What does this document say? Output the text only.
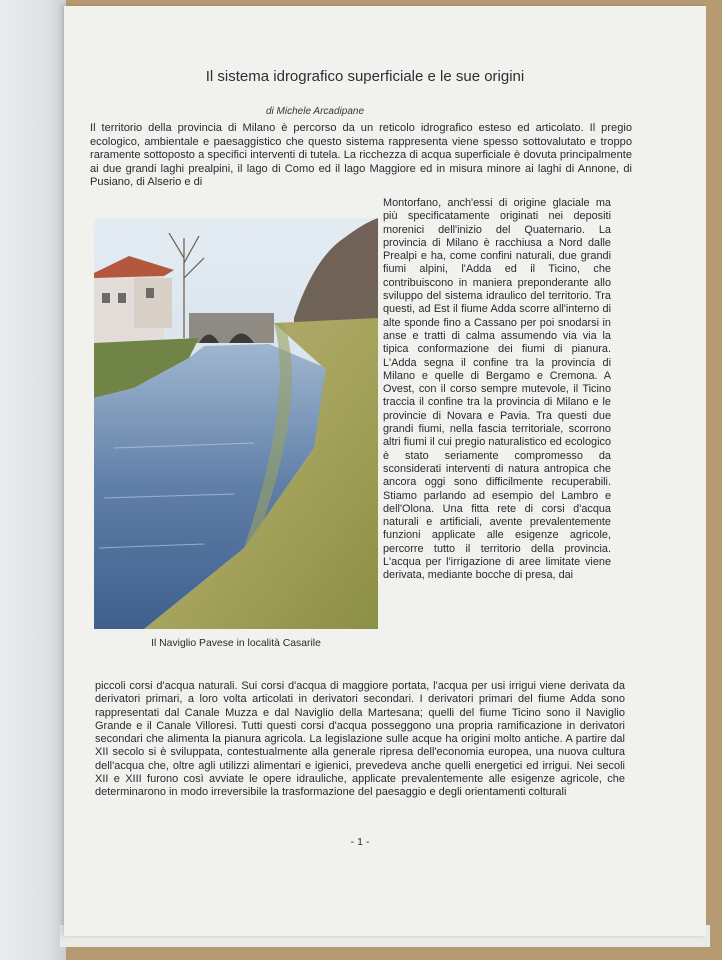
Il sistema idrografico superficiale e le sue origini
di Michele Arcadipane

Il territorio della provincia di Milano è percorso da un reticolo idrografico esteso ed articolato. Il pregio ecologico, ambientale e paesaggistico che questo sistema rappresenta viene spesso sottovalutato e troppo raramente sottoposto a specifici interventi di tutela. La ricchezza di acqua superficiale è dovuta principalmente ai due grandi laghi prealpini, il lago di Como ed il lago Maggiore ed in misura minore ai laghi di Annone, di Pusiano, di Alserio e di

Il Naviglio Pavese in località Casarile

Montorfano, anch'essi di origine glaciale ma più specificatamente originati nei depositi morenici dell'inizio del Quaternario. La provincia di Milano è racchiusa a Nord dalle Prealpi e ha, come confini naturali, due grandi fiumi alpini, l'Adda ed il Ticino, che contribuiscono in maniera preponderante allo sviluppo del sistema idraulico del territorio. Tra questi, ad Est il fiume Adda scorre all'interno di alte sponde fino a Cassano per poi snodarsi in anse e tratti di calma assumendo via via la tipica conformazione dei fiumi di pianura. L'Adda segna il confine tra la provincia di Milano e quelle di Bergamo e Cremona. A Ovest, con il corso sempre mutevole, il Ticino traccia il confine tra la provincia di Milano e le provincie di Novara e Pavia. Tra questi due grandi fiumi, nella fascia territoriale, scorrono altri fiumi il cui pregio naturalistico ed ecologico è stato seriamente compromesso da sconsiderati interventi di natura antropica che ancora oggi sono difficilmente recuperabili. Stiamo parlando ad esempio del Lambro e dell'Olona. Una fitta rete di corsi d'acqua naturali e artificiali, avente prevalentemente funzioni applicate alle esigenze agricole, percorre tutto il territorio della provincia. L'acqua per l'irrigazione di aree limitate viene derivata, mediante bocche di presa, dai

piccoli corsi d'acqua naturali. Sui corsi d'acqua di maggiore portata, l'acqua per usi irrigui viene derivata da derivatori primari, a loro volta articolati in derivatori secondari. I derivatori primari del fiume Adda sono rappresentati dal Canale Muzza e dal Naviglio della Martesana; quelli del fiume Ticino sono il Naviglio Grande e il Canale Villoresi. Tutti questi corsi d'acqua posseggono una propria ramificazione in derivatori secondari che alimenta la pianura agricola. La legislazione sulle acque ha origini molto antiche. A partire dal XII secolo si è sviluppata, contestualmente alla generale ripresa dell'economia europea, una nuova cultura dell'acqua che, oltre agli utilizzi alimentari e igienici, prevedeva anche quelli energetici ed irrigui. Nei secoli XII e XIII furono così avviate le opere idrauliche, applicate prevalentemente alle esigenze agricole, che determinarono in modo irreversibile la trasformazione del paesaggio e degli orientamenti colturali

- 1 -
